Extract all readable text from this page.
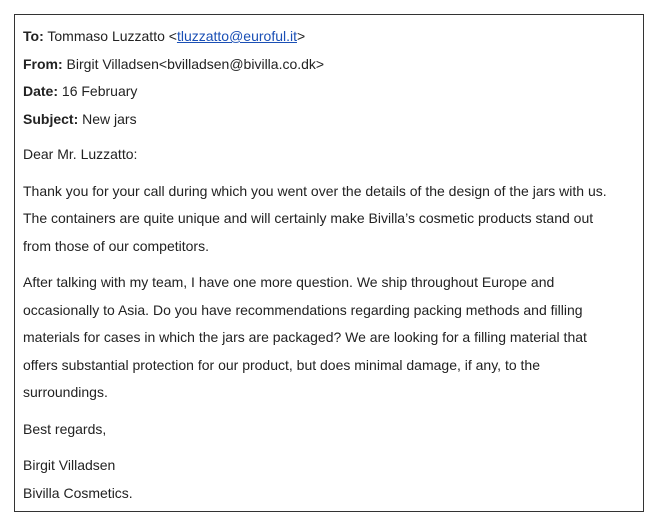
To: Tommaso Luzzatto <tluzzatto@euroful.it>
From: Birgit Villadsen<bvilladsen@bivilla.co.dk>
Date: 16 February
Subject: New jars

Dear Mr. Luzzatto:

Thank you for your call during which you went over the details of the design of the jars with us.

The containers are quite unique and will certainly make Bivilla’s cosmetic products stand out

from those of our competitors.

After talking with my team, I have one more question. We ship throughout Europe and

occasionally to Asia. Do you have recommendations regarding packing methods and filling

materials for cases in which the jars are packaged? We are looking for a filling material that

offers substantial protection for our product, but does minimal damage, if any, to the

surroundings.

Best regards,

Birgit Villadsen

Bivilla Cosmetics.
